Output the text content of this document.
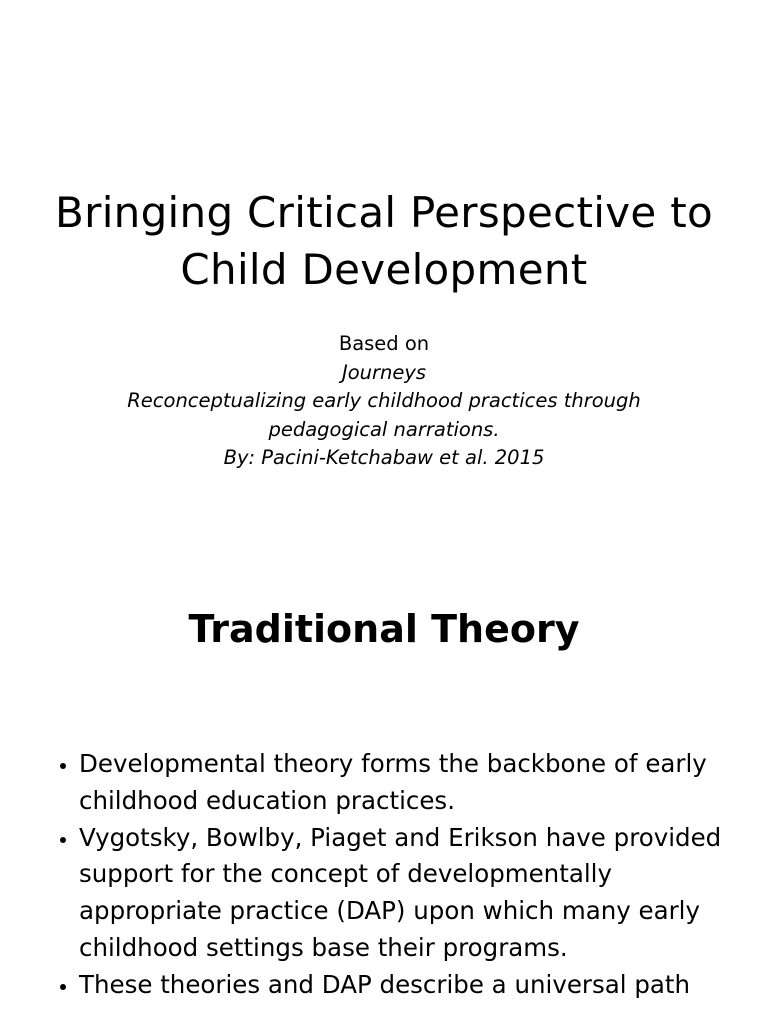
Bringing Critical Perspective to Child Development
Based on
Journeys
Reconceptualizing early childhood practices through pedagogical narrations.
By: Pacini-Ketchabaw et al. 2015
Traditional Theory
• Developmental theory forms the backbone of early childhood education practices.
• Vygotsky, Bowlby, Piaget and Erikson have provided support for the concept of developmentally appropriate practice (DAP) upon which many early childhood settings base their programs.
• These theories and DAP describe a universal path
